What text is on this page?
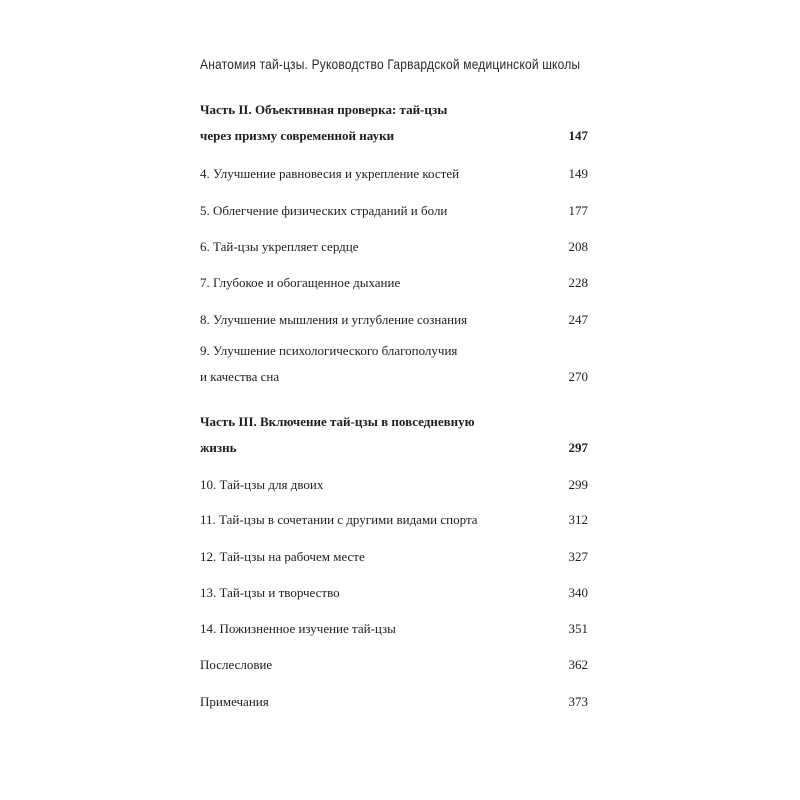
Анатомия тай-цзы. Руководство Гарвардской медицинской школы
Часть II. Объективная проверка: тай-цзы
через призму современной науки	147
4. Улучшение равновесия и укрепление костей	149
5. Облегчение физических страданий и боли	177
6. Тай-цзы укрепляет сердце	208
7. Глубокое и обогащенное дыхание	228
8. Улучшение мышления и углубление сознания	247
9. Улучшение психологического благополучия
и качества сна	270
Часть III. Включение тай-цзы в повседневную
жизнь	297
10. Тай-цзы для двоих	299
11. Тай-цзы в сочетании с другими видами спорта	312
12. Тай-цзы на рабочем месте	327
13. Тай-цзы и творчество	340
14. Пожизненное изучение тай-цзы	351
Послесловие	362
Примечания	373
